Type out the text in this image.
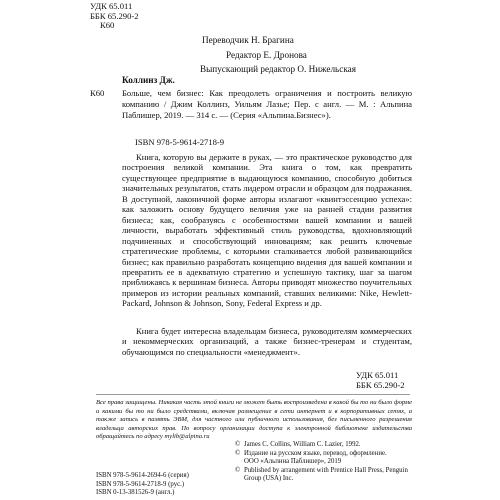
УДК 65.011
ББК 65.290-2
К60
Переводчик Н. Брагина
Редактор Е. Дронова
Выпускающий редактор О. Нижельская
Коллинз Дж.
К60 Больше, чем бизнес: Как преодолеть ограничения и построить великую компанию / Джим Коллинз, Уильям Лазье; Пер. с англ. — М. : Альпина Паблишер, 2019. — 314 с. — (Серия «Альпина.Бизнес»).
ISBN 978-5-9614-2718-9

Книга, которую вы держите в руках, — это практическое руководство для построения великой компании. Эта книга о том, как превратить существующее предприятие в выдающуюся компанию, способную добиться значительных результатов, стать лидером отрасли и образцом для подражания. В доступной, лаконичной форме авторы излагают «квинтэссенцию успеха»: как заложить основу будущего величия уже на ранней стадии развития бизнеса; как, сообразуясь с особенностями вашей компании и вашей личности, выработать эффективный стиль руководства, вдохновляющий подчиненных и способствующий инновациям; как решить ключевые стратегические проблемы, с которыми сталкивается любой развивающийся бизнес; как правильно разработать концепцию видения для вашей компании и превратить ее в адекватную стратегию и успешную тактику, шаг за шагом приближаясь к вершинам бизнеса. Авторы приводят множество поучительных примеров из истории реальных компаний, ставших великими: Nike, Hewlett-Packard, Johnson & Johnson, Sony, Federal Express и др.

Книга будет интересна владельцам бизнеса, руководителям коммерческих и некоммерческих организаций, а также бизнес-тренерам и студентам, обучающимся по специальности «менеджмент».

УДК 65.011
ББК 65.290-2
Все права защищены. Никакая часть этой книги не может быть воспроизведена в какой бы то ни было форме и какими бы то ни было средствами, включая размещение в сети интернет и в корпоративных сетях, а также запись в память ЭВМ, для частного или публичного использования, без письменного разрешения владельца авторских прав. По вопросу организации доступа к электронной библиотеке издательства обращайтесь по адресу mylib@alpina.ru
© James C. Collins, William C. Lazier, 1992.
© Издание на русском языке, перевод, оформление.
ООО «Альпина Паблишер», 2019
© Published by arrangement with Prentice Hall Press, Penguin Group (USA) Inc.
ISBN 978-5-9614-2694-6 (серия)
ISBN 978-5-9614-2718-9 (рус.)
ISBN 0-13-381526-9 (англ.)
